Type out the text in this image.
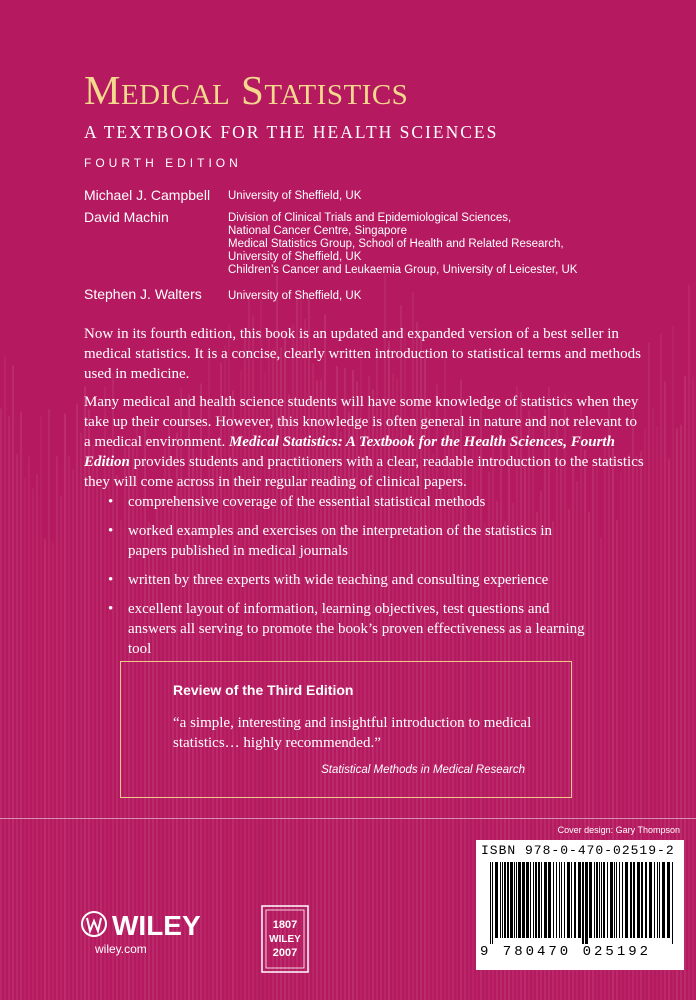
Medical Statistics
A TEXTBOOK FOR THE HEALTH SCIENCES
FOURTH EDITION
Michael J. Campbell University of Sheffield, UK
David Machin	Division of Clinical Trials and Epidemiological Sciences,
National Cancer Centre, Singapore
Medical Statistics Group, School of Health and Related Research,
University of Sheffield, UK
Children’s Cancer and Leukaemia Group, University of Leicester, UK
Stephen J. Walters University of Sheffield, UK

Now in its fourth edition, this book is an updated and expanded version of a best seller in medical statistics. It is a concise, clearly written introduction to statistical terms and methods used in medicine.

Many medical and health science students will have some knowledge of statistics when they take up their courses. However, this knowledge is often general in nature and not relevant to a medical environment. Medical Statistics: A Textbook for the Health Sciences, Fourth Edition provides students and practitioners with a clear, readable introduction to the statistics they will come across in their regular reading of clinical papers.

• comprehensive coverage of the essential statistical methods
• worked examples and exercises on the interpretation of the statistics in papers published in medical journals
• written by three experts with wide teaching and consulting experience
• excellent layout of information, learning objectives, test questions and answers all serving to promote the book’s proven effectiveness as a learning tool
Review of the Third Edition
“a simple, interesting and insightful introduction to medical statistics… highly recommended.”
Statistical Methods in Medical Research
Cover design: Gary Thompson
ISBN 978-0-470-02519-2
9 780470 025192
WILEY
wiley.com
1807
WILEY
2007
